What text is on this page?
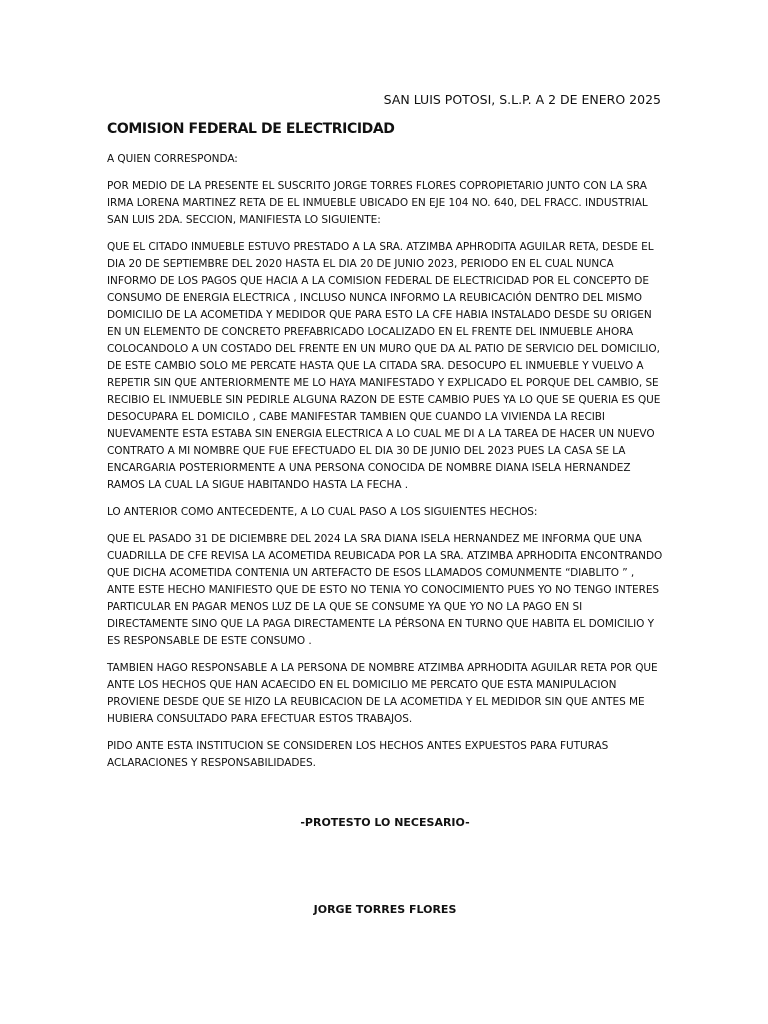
SAN LUIS POTOSI, S.L.P. A 2 DE ENERO 2025
COMISION FEDERAL DE ELECTRICIDAD

A QUIEN CORRESPONDA:

POR MEDIO DE LA PRESENTE EL SUSCRITO JORGE TORRES FLORES COPROPIETARIO JUNTO CON LA SRA IRMA LORENA MARTINEZ RETA DE EL INMUEBLE UBICADO EN EJE 104 NO. 640, DEL FRACC. INDUSTRIAL SAN LUIS 2DA. SECCION, MANIFIESTA LO SIGUIENTE:

QUE EL CITADO INMUEBLE ESTUVO PRESTADO A LA SRA. ATZIMBA APHRODITA AGUILAR RETA, DESDE EL DIA 20 DE SEPTIEMBRE DEL 2020 HASTA EL DIA 20 DE JUNIO 2023, PERIODO EN EL CUAL NUNCA INFORMO DE LOS PAGOS QUE HACIA A LA COMISION FEDERAL DE ELECTRICIDAD POR EL CONCEPTO DE CONSUMO DE ENERGIA ELECTRICA , INCLUSO NUNCA INFORMO LA REUBICACIÓN DENTRO DEL MISMO DOMICILIO DE LA ACOMETIDA Y MEDIDOR QUE PARA ESTO LA CFE HABIA INSTALADO DESDE SU ORIGEN EN UN ELEMENTO DE CONCRETO PREFABRICADO LOCALIZADO EN EL FRENTE DEL INMUEBLE AHORA COLOCANDOLO A UN COSTADO DEL FRENTE EN UN MURO QUE DA AL PATIO DE SERVICIO DEL DOMICILIO, DE ESTE CAMBIO SOLO ME PERCATE HASTA QUE LA CITADA SRA. DESOCUPO EL INMUEBLE Y VUELVO A REPETIR SIN QUE ANTERIORMENTE ME LO HAYA MANIFESTADO Y EXPLICADO EL PORQUE DEL CAMBIO, SE RECIBIO EL INMUEBLE SIN PEDIRLE ALGUNA RAZON DE ESTE CAMBIO PUES YA LO QUE SE QUERIA ES QUE DESOCUPARA EL DOMICILO , CABE MANIFESTAR TAMBIEN QUE CUANDO LA VIVIENDA LA RECIBI NUEVAMENTE ESTA ESTABA SIN ENERGIA ELECTRICA A LO CUAL ME DI A LA TAREA DE HACER UN NUEVO CONTRATO A MI NOMBRE QUE FUE EFECTUADO EL DIA 30 DE JUNIO DEL 2023 PUES LA CASA SE LA ENCARGARIA POSTERIORMENTE A UNA PERSONA CONOCIDA DE NOMBRE DIANA ISELA HERNANDEZ RAMOS LA CUAL LA SIGUE HABITANDO HASTA LA FECHA .

LO ANTERIOR COMO ANTECEDENTE, A LO CUAL PASO A LOS SIGUIENTES HECHOS:

QUE EL PASADO 31 DE DICIEMBRE DEL 2024 LA SRA DIANA ISELA HERNANDEZ ME INFORMA QUE UNA CUADRILLA DE CFE REVISA LA ACOMETIDA REUBICADA POR LA SRA. ATZIMBA APRHODITA ENCONTRANDO QUE DICHA ACOMETIDA CONTENIA UN ARTEFACTO DE ESOS LLAMADOS COMUNMENTE “DIABLITO ” , ANTE ESTE HECHO MANIFIESTO QUE DE ESTO NO TENIA YO CONOCIMIENTO PUES YO NO TENGO INTERES PARTICULAR EN PAGAR MENOS LUZ DE LA QUE SE CONSUME YA QUE YO NO LA PAGO EN SI DIRECTAMENTE SINO QUE LA PAGA DIRECTAMENTE LA PÉRSONA EN TURNO QUE HABITA EL DOMICILIO Y ES RESPONSABLE DE ESTE CONSUMO .

TAMBIEN HAGO RESPONSABLE A LA PERSONA DE NOMBRE ATZIMBA APRHODITA AGUILAR RETA POR QUE ANTE LOS HECHOS QUE HAN ACAECIDO EN EL DOMICILIO ME PERCATO QUE ESTA MANIPULACION PROVIENE DESDE QUE SE HIZO LA REUBICACION DE LA ACOMETIDA Y EL MEDIDOR SIN QUE ANTES ME HUBIERA CONSULTADO PARA EFECTUAR ESTOS TRABAJOS.

PIDO ANTE ESTA INSTITUCION SE CONSIDEREN LOS HECHOS ANTES EXPUESTOS PARA FUTURAS ACLARACIONES Y RESPONSABILIDADES.

-PROTESTO LO NECESARIO-
JORGE TORRES FLORES
